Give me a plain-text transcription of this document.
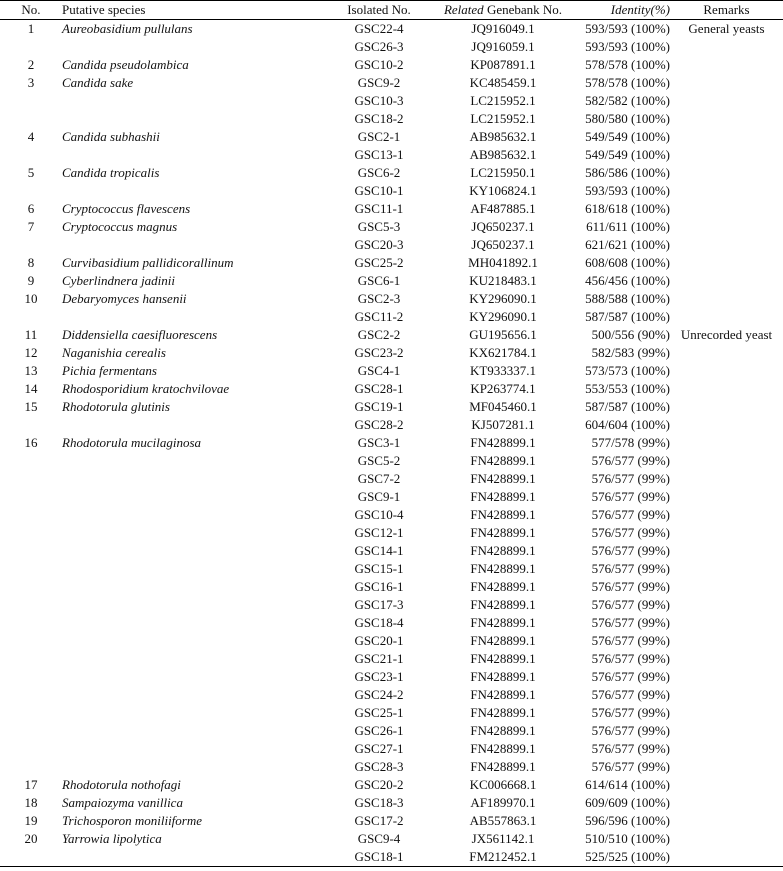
No.	Putative species	Isolated No.	Related Genebank No.	Identity(%)	Remarks
1	Aureobasidium pullulans	GSC22-4	JQ916049.1	593/593 (100%)	General yeasts
		GSC26-3	JQ916059.1	593/593 (100%)	
2	Candida pseudolambica	GSC10-2	KP087891.1	578/578 (100%)	
3	Candida sake	GSC9-2	KC485459.1	578/578 (100%)	
		GSC10-3	LC215952.1	582/582 (100%)	
		GSC18-2	LC215952.1	580/580 (100%)	
4	Candida subhashii	GSC2-1	AB985632.1	549/549 (100%)	
		GSC13-1	AB985632.1	549/549 (100%)	
5	Candida tropicalis	GSC6-2	LC215950.1	586/586 (100%)	
		GSC10-1	KY106824.1	593/593 (100%)	
6	Cryptococcus flavescens	GSC11-1	AF487885.1	618/618 (100%)	
7	Cryptococcus magnus	GSC5-3	JQ650237.1	611/611 (100%)	
		GSC20-3	JQ650237.1	621/621 (100%)	
8	Curvibasidium pallidicorallinum	GSC25-2	MH041892.1	608/608 (100%)	
9	Cyberlindnera jadinii	GSC6-1	KU218483.1	456/456 (100%)	
10	Debaryomyces hansenii	GSC2-3	KY296090.1	588/588 (100%)	
		GSC11-2	KY296090.1	587/587 (100%)	
11	Diddensiella caesifluorescens	GSC2-2	GU195656.1	500/556 (90%)	Unrecorded yeast
12	Naganishia cerealis	GSC23-2	KX621784.1	582/583 (99%)	
13	Pichia fermentans	GSC4-1	KT933337.1	573/573 (100%)	
14	Rhodosporidium kratochvilovae	GSC28-1	KP263774.1	553/553 (100%)	
15	Rhodotorula glutinis	GSC19-1	MF045460.1	587/587 (100%)	
		GSC28-2	KJ507281.1	604/604 (100%)	
16	Rhodotorula mucilaginosa	GSC3-1	FN428899.1	577/578 (99%)	
		GSC5-2	FN428899.1	576/577 (99%)	
		GSC7-2	FN428899.1	576/577 (99%)	
		GSC9-1	FN428899.1	576/577 (99%)	
		GSC10-4	FN428899.1	576/577 (99%)	
		GSC12-1	FN428899.1	576/577 (99%)	
		GSC14-1	FN428899.1	576/577 (99%)	
		GSC15-1	FN428899.1	576/577 (99%)	
		GSC16-1	FN428899.1	576/577 (99%)	
		GSC17-3	FN428899.1	576/577 (99%)	
		GSC18-4	FN428899.1	576/577 (99%)	
		GSC20-1	FN428899.1	576/577 (99%)	
		GSC21-1	FN428899.1	576/577 (99%)	
		GSC23-1	FN428899.1	576/577 (99%)	
		GSC24-2	FN428899.1	576/577 (99%)	
		GSC25-1	FN428899.1	576/577 (99%)	
		GSC26-1	FN428899.1	576/577 (99%)	
		GSC27-1	FN428899.1	576/577 (99%)	
		GSC28-3	FN428899.1	576/577 (99%)	
17	Rhodotorula nothofagi	GSC20-2	KC006668.1	614/614 (100%)	
18	Sampaiozyma vanillica	GSC18-3	AF189970.1	609/609 (100%)	
19	Trichosporon moniliiforme	GSC17-2	AB557863.1	596/596 (100%)	
20	Yarrowia lipolytica	GSC9-4	JX561142.1	510/510 (100%)	
		GSC18-1	FM212452.1	525/525 (100%)	
